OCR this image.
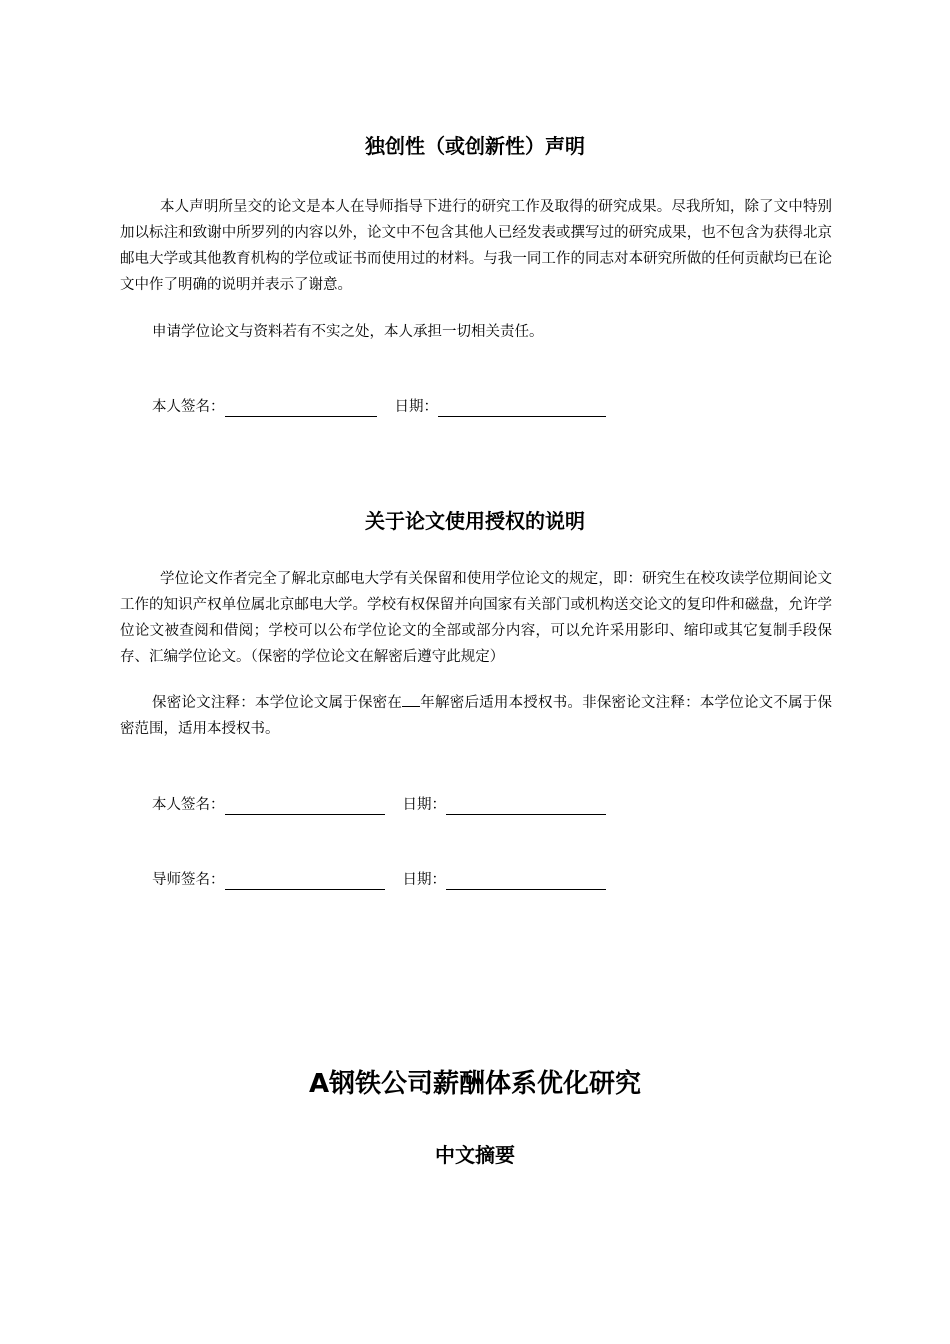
独创性（或创新性）声明

本人声明所呈交的论文是本人在导师指导下进行的研究工作及取得的研究成果。尽我所知，除了文中特别加以标注和致谢中所罗列的内容以外，论文中不包含其他人已经发表或撰写过的研究成果，也不包含为获得北京邮电大学或其他教育机构的学位或证书而使用过的材料。与我一同工作的同志对本研究所做的任何贡献均已在论文中作了明确的说明并表示了谢意。

申请学位论文与资料若有不实之处，本人承担一切相关责任。

本人签名：	日期：
关于论文使用授权的说明

学位论文作者完全了解北京邮电大学有关保留和使用学位论文的规定，即：研究生在校攻读学位期间论文工作的知识产权单位属北京邮电大学。学校有权保留并向国家有关部门或机构送交论文的复印件和磁盘，允许学位论文被查阅和借阅；学校可以公布学位论文的全部或部分内容，可以允许采用影印、缩印或其它复制手段保存、汇编学位论文。（保密的学位论文在解密后遵守此规定）

保密论文注释：本学位论文属于保密在 年解密后适用本授权书。非保密论文注释：本学位论文不属于保密范围，适用本授权书。

本人签名：	日期：
导师签名：	日期：
A钢铁公司薪酬体系优化研究
中文摘要
